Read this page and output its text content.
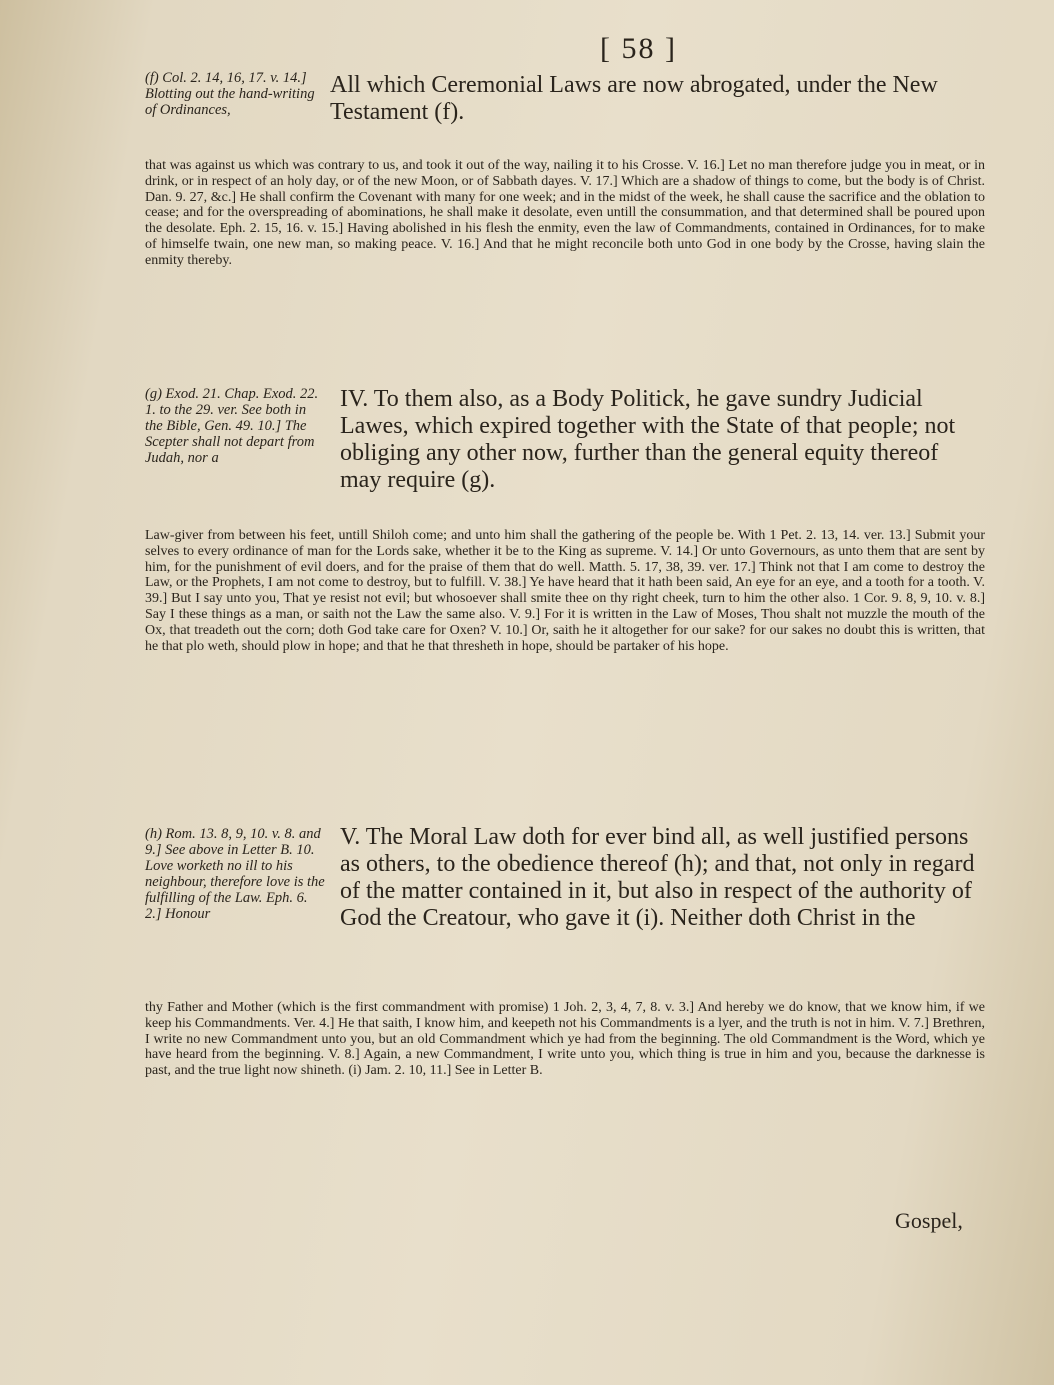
[ 58 ]
(f) Col. 2. 14, 16, 17. v. 14.] Blotting out the hand-writing of Ordinances,
All which Ceremonial Laws are now abrogated, under the New Testament (f).
that was against us which was contrary to us, and took it out of the way, nailing it to his Crosse. V. 16.] Let no man therefore judge you in meat, or in drink, or in respect of an holy day, or of the new Moon, or of Sabbath dayes. V. 17.] Which are a shadow of things to come, but the body is of Christ. Dan. 9. 27, &c.] He shall confirm the Covenant with many for one week; and in the midst of the week, he shall cause the sacrifice and the oblation to cease; and for the overspreading of abominations, he shall make it desolate, even untill the consummation, and that determined shall be poured upon the desolate. Eph. 2. 15, 16. v. 15.] Having abolished in his flesh the enmity, even the law of Commandments, contained in Ordinances, for to make of himselfe twain, one new man, so making peace. V. 16.] And that he might reconcile both unto God in one body by the Crosse, having slain the enmity thereby.
(g) Exod. 21. Chap. Exod. 22. 1. to the 29. ver. See both in the Bible, Gen. 49. 10.] The Scepter shall not depart from Judah, nor a
IV. To them also, as a Body Politick, he gave sundry Judicial Lawes, which expired together with the State of that people; not obliging any other now, further than the general equity thereof may require (g).
Law-giver from between his feet, untill Shiloh come; and unto him shall the gathering of the people be. With 1 Pet. 2. 13, 14. ver. 13.] Submit your selves to every ordinance of man for the Lords sake, whether it be to the King as supreme. V. 14.] Or unto Governours, as unto them that are sent by him, for the punishment of evil doers, and for the praise of them that do well. Matth. 5. 17, 38, 39. ver. 17.] Think not that I am come to destroy the Law, or the Prophets, I am not come to destroy, but to fulfill. V. 38.] Ye have heard that it hath been said, An eye for an eye, and a tooth for a tooth. V. 39.] But I say unto you, That ye resist not evil; but whosoever shall smite thee on thy right cheek, turn to him the other also. 1 Cor. 9. 8, 9, 10. v. 8.] Say I these things as a man, or saith not the Law the same also. V. 9.] For it is written in the Law of Moses, Thou shalt not muzzle the mouth of the Ox, that treadeth out the corn; doth God take care for Oxen? V. 10.] Or, saith he it altogether for our sake? for our sakes no doubt this is written, that he that plo weth, should plow in hope; and that he that thresheth in hope, should be partaker of his hope.
(h) Rom. 13. 8, 9, 10. v. 8. and 9.] See above in Letter B. 10. Love worketh no ill to his neighbour, therefore love is the fulfilling of the Law. Eph. 6. 2.] Honour
V. The Moral Law doth for ever bind all, as well justified persons as others, to the obedience thereof (h); and that, not only in regard of the matter contained in it, but also in respect of the authority of God the Creatour, who gave it (i). Neither doth Christ in the
thy Father and Mother (which is the first commandment with promise) 1 Joh. 2, 3, 4, 7, 8. v. 3.] And hereby we do know, that we know him, if we keep his Commandments. Ver. 4.] He that saith, I know him, and keepeth not his Commandments is a lyer, and the truth is not in him. V. 7.] Brethren, I write no new Commandment unto you, but an old Commandment which ye had from the beginning. The old Commandment is the Word, which ye have heard from the beginning. V. 8.] Again, a new Commandment, I write unto you, which thing is true in him and you, because the darknesse is past, and the true light now shineth. (i) Jam. 2. 10, 11.] See in Letter B.
Gospel,
